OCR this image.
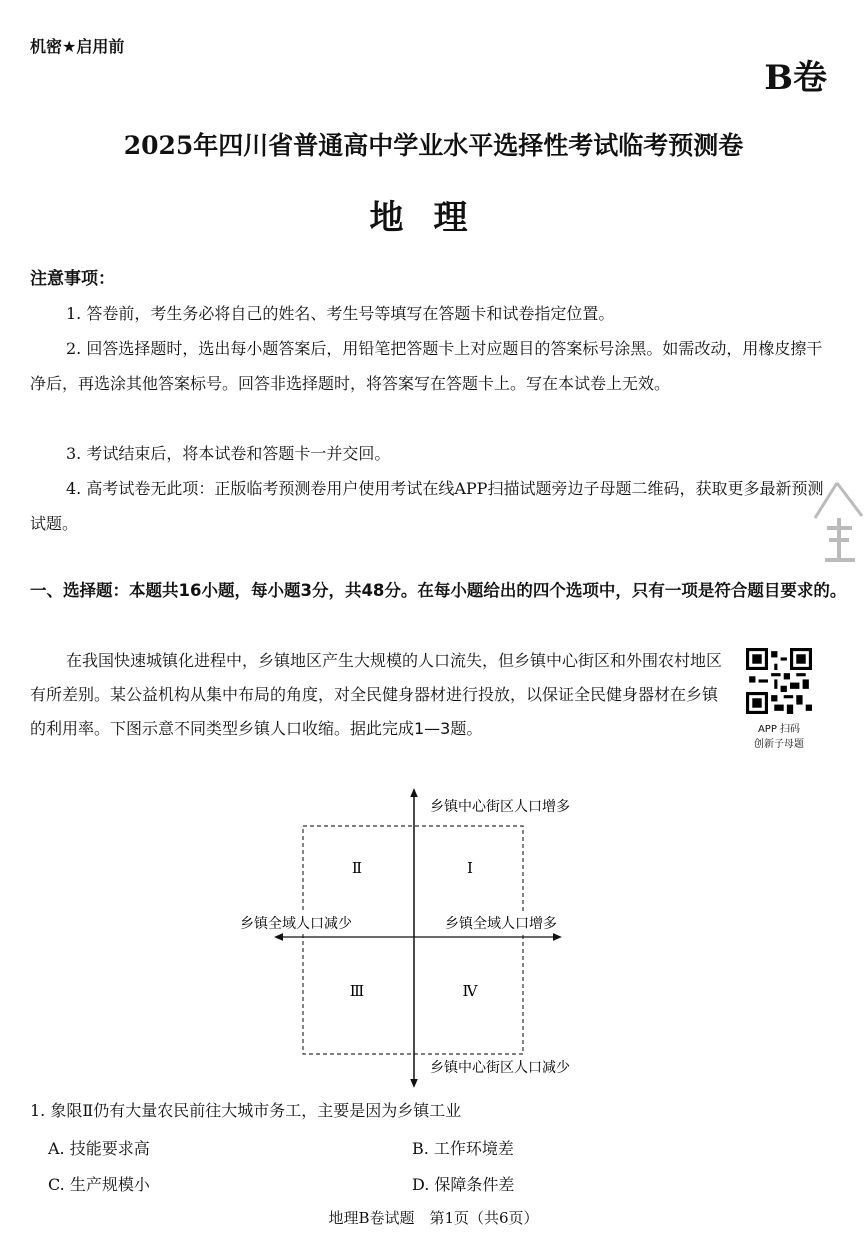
机密★启用前
B卷
2025年四川省普通高中学业水平选择性考试临考预测卷
地理
注意事项：
1. 答卷前，考生务必将自己的姓名、考生号等填写在答题卡和试卷指定位置。
2. 回答选择题时，选出每小题答案后，用铅笔把答题卡上对应题目的答案标号涂黑。如需改动，用橡皮擦干净后，再选涂其他答案标号。回答非选择题时，将答案写在答题卡上。写在本试卷上无效。
3. 考试结束后，将本试卷和答题卡一并交回。
4. 高考试卷无此项：正版临考预测卷用户使用考试在线APP扫描试题旁边子母题二维码，获取更多最新预测试题。
一、选择题：本题共16小题，每小题3分，共48分。在每小题给出的四个选项中，只有一项是符合题目要求的。
在我国快速城镇化进程中，乡镇地区产生大规模的人口流失，但乡镇中心街区和外围农村地区有所差别。某公益机构从集中布局的角度，对全民健身器材进行投放，以保证全民健身器材在乡镇的利用率。下图示意不同类型乡镇人口收缩。据此完成1—3题。	APP 扫码
创新子母题
乡镇中心街区人口增多
乡镇中心街区人口减少
乡镇全域人口减少	乡镇全域人口增多
Ⅱ	Ⅰ
Ⅲ	Ⅳ
1. 象限Ⅱ仍有大量农民前往大城市务工，主要是因为乡镇工业
A. 技能要求高	B. 工作环境差
C. 生产规模小	D. 保障条件差
地理B卷试题　第1页（共6页）
